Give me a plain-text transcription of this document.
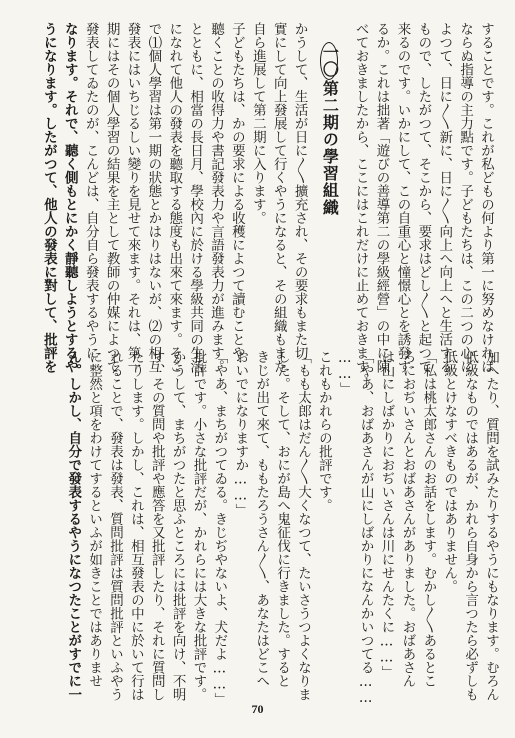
することです。これが私どもの何より第一に努めなければ

ならぬ指導の主力點です。子どもたちは、この二つの心に

よつて、日に〳〵新に、日に〳〵向上へ向上へと生活する

もので、したがつて、そこから、要求はどし〳〵と起つて

来るのです。いかにして、この自重心と憧憬心とを誘發す

るか。これは拙著「遊びの善導第二の學級經營」の中に陳

べておきましたから、ここにはこれだけに止めておきます。

一〇第二期の學習組織

かうして、生活が日に〳〵擴充され、その要求もまた切

實にして向上發展して行くやうになると、その組織もまた

自ら進展して第二期に入ります。

子どもたちは、かの要求による收穫によつて讀むことや

聽くことの收得力や書記發表力や言語發表力が進みます。

とともに、相當の長日月、學校內に於ける學級共同の生活

になれて他人の發表を聽取する態度も出來て來ます。そこ

で⑴個人學習は第一期の狀態とかはりはないが、⑵の相互

發表にはいちじるしい變りを見せて來ます。それは、第一

期にはその個人學習の結果を主として教師の仲媒によつて

發表してゐたのが、こんどは、自分自ら發表するやうに

なります。それで、聽く側もとにかく靜聽しようとするや

うになります。したがつて、他人の發表に對して、批評を

加へたり、質問を試みたりするやうにもなります。むろん

低級なものではあるが、かれら自身から言つたら必ずしも

低級とけなすべきものではありません。

「私は桃太郎さんのお話をします。むかし〳〵あるとこ

ろにおぢいさんとおばあさんがありました。おばあさん

は山にしばかりにおぢいさんは川にせんたくに……」

「やあ、おばあさんが山にしばかりになんかいつてる……

……」

これもかれらの批評です。

「もも太郎はだん〳〵大くなつて、たいさうつよくなりま

した。そして、おにが島へ鬼征伐に行きました。すると

きじが出て來て、ももたろうさん〳〵、あなたはどこへ

おいでになりますか……」

「やあ、まちがつてゐる。きじぢやないよ、犬だよ……」

批評です。小さな批評だが、かれらには大きな批評です。

かうして、まちがつたと思ふところには批評を向け、不明

す、その質問や批評や應答を又批評したり、それに質問し

たりします。しかし、これは、相互發表の中に於いて行は

れることで、發表は發表、質問批評は質問批評といふやう

に整然と項をわけてするといふが如きことではありませ

ん。しかし、自分で發表するやうになつたことがすでに一

70
